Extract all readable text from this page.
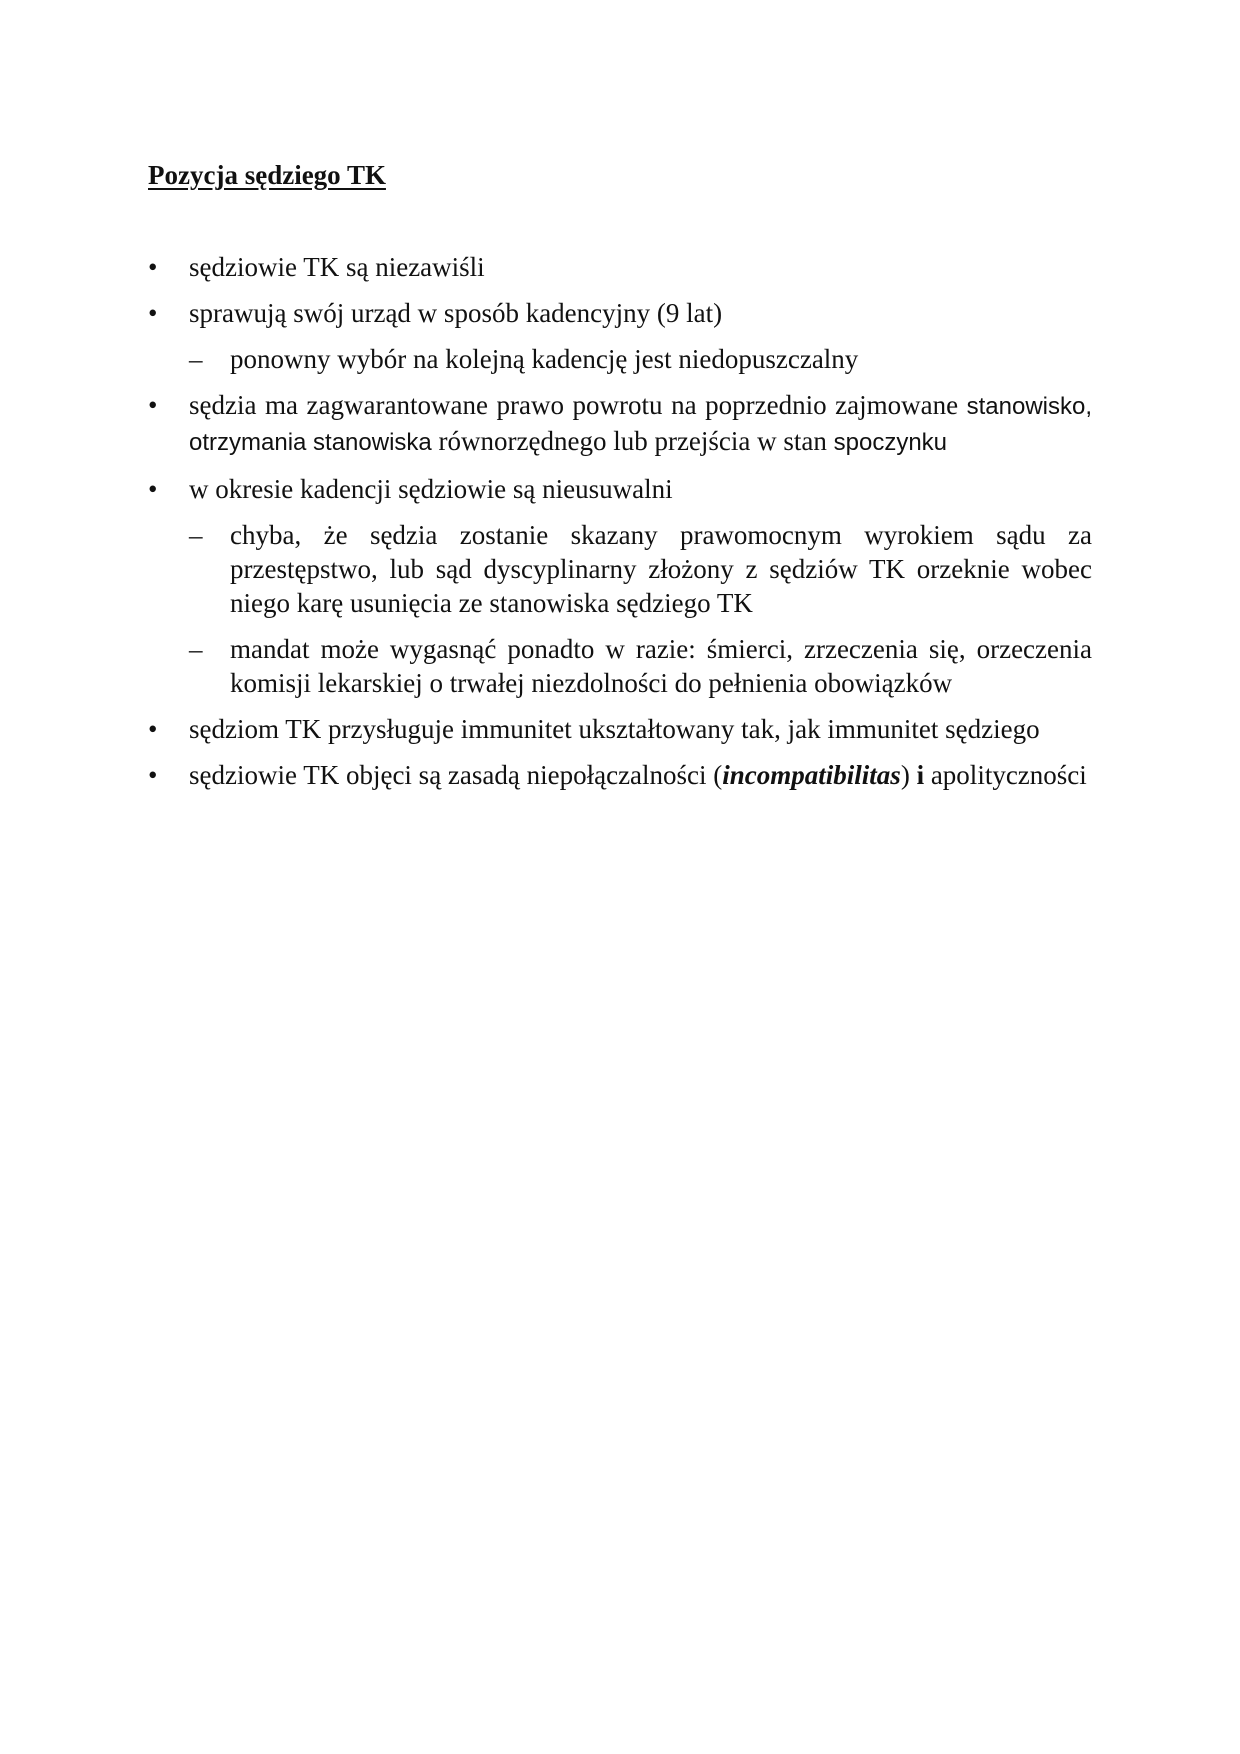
Pozycja sędziego TK
•	sędziowie TK są niezawiśli
•	sprawują swój urząd w sposób kadencyjny (9 lat)
–	ponowny wybór na kolejną kadencję jest niedopuszczalny
•	sędzia ma zagwarantowane prawo powrotu na poprzednio zajmowane stanowisko, otrzymania stanowiska równorzędnego lub przejścia w stan spoczynku
•	w okresie kadencji sędziowie są nieusuwalni
–	chyba, że sędzia zostanie skazany prawomocnym wyrokiem sądu za przestępstwo, lub sąd dyscyplinarny złożony z sędziów TK orzeknie wobec niego karę usunięcia ze stanowiska sędziego TK
–	mandat może wygasnąć ponadto w razie: śmierci, zrzeczenia się, orzeczenia komisji lekarskiej o trwałej niezdolności do pełnienia obowiązków
•	sędziom TK przysługuje immunitet ukształtowany tak, jak immunitet sędziego
•	sędziowie TK objęci są zasadą niepołączalności (incompatibilitas) i apolityczności
